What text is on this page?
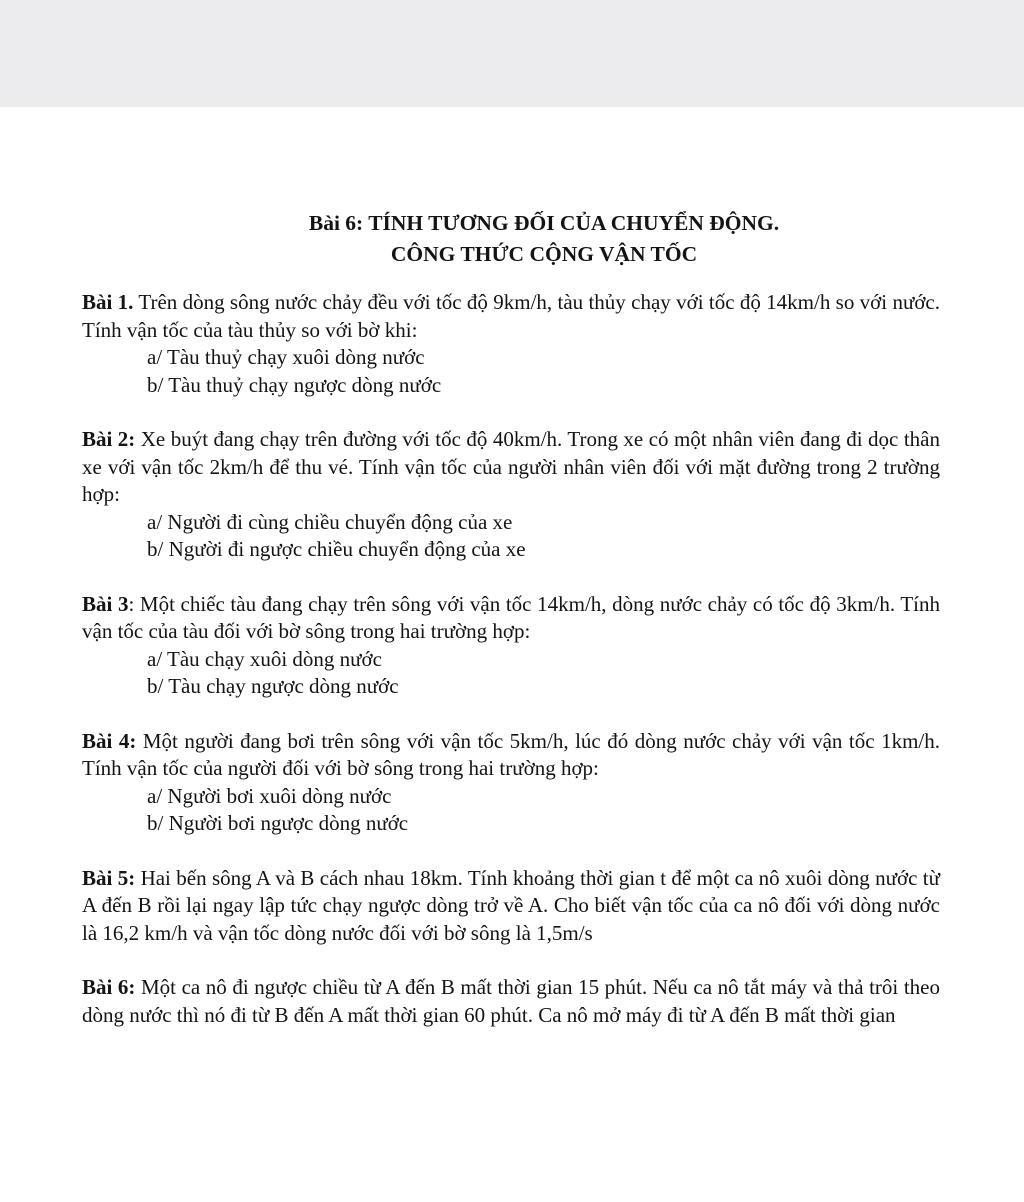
Bài 6: TÍNH TƯƠNG ĐỐI CỦA CHUYỂN ĐỘNG.
CÔNG THỨC CỘNG VẬN TỐC
Bài 1. Trên dòng sông nước chảy đều với tốc độ 9km/h, tàu thủy chạy với tốc độ 14km/h so với nước. Tính vận tốc của tàu thủy so với bờ khi:
a/ Tàu thuỷ chạy xuôi dòng nước
b/ Tàu thuỷ chạy ngược dòng nước
Bài 2: Xe buýt đang chạy trên đường với tốc độ 40km/h. Trong xe có một nhân viên đang đi dọc thân xe với vận tốc 2km/h để thu vé. Tính vận tốc của người nhân viên đối với mặt đường trong 2 trường hợp:
a/ Người đi cùng chiều chuyển động của xe
b/ Người đi ngược chiều chuyển động của xe
Bài 3: Một chiếc tàu đang chạy trên sông với vận tốc 14km/h, dòng nước chảy có tốc độ 3km/h. Tính vận tốc của tàu đối với bờ sông trong hai trường hợp:
a/ Tàu chạy xuôi dòng nước
b/ Tàu chạy ngược dòng nước
Bài 4: Một người đang bơi trên sông với vận tốc 5km/h, lúc đó dòng nước chảy với vận tốc 1km/h. Tính vận tốc của người đối với bờ sông trong hai trường hợp:
a/ Người bơi xuôi dòng nước
b/ Người bơi ngược dòng nước
Bài 5: Hai bến sông A và B cách nhau 18km. Tính khoảng thời gian t để một ca nô xuôi dòng nước từ A đến B rồi lại ngay lập tức chạy ngược dòng trở về A. Cho biết vận tốc của ca nô đối với dòng nước là 16,2 km/h và vận tốc dòng nước đối với bờ sông là 1,5m/s
Bài 6: Một ca nô đi ngược chiều từ A đến B mất thời gian 15 phút. Nếu ca nô tắt máy và thả trôi theo dòng nước thì nó đi từ B đến A mất thời gian 60 phút. Ca nô mở máy đi từ A đến B mất thời gian
